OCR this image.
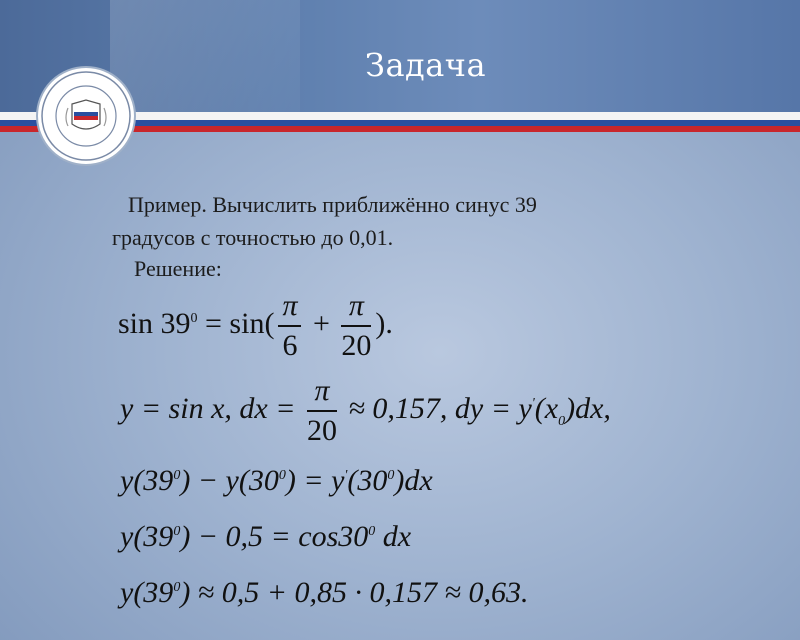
Задача
Пример. Вычислить приближённо синус 39
градусов с точностью до 0,01.
Решение:
$\sin 39^0 = \sin( \frac{\pi}{6} + \frac{\pi}{20}$ ).
y = sin x, dx = $\frac{\pi}{20} \approx 0,157$, dy = $y'(x_0)dx$,
$y(39^0) - y(30^0) = y'(30^0)dx$
$y(39^0) - 0,5 = \cos 30^0$ dx
$y(39^0) \approx 0,5 + 0,85 \cdot 0,157 \approx 0,63$.
